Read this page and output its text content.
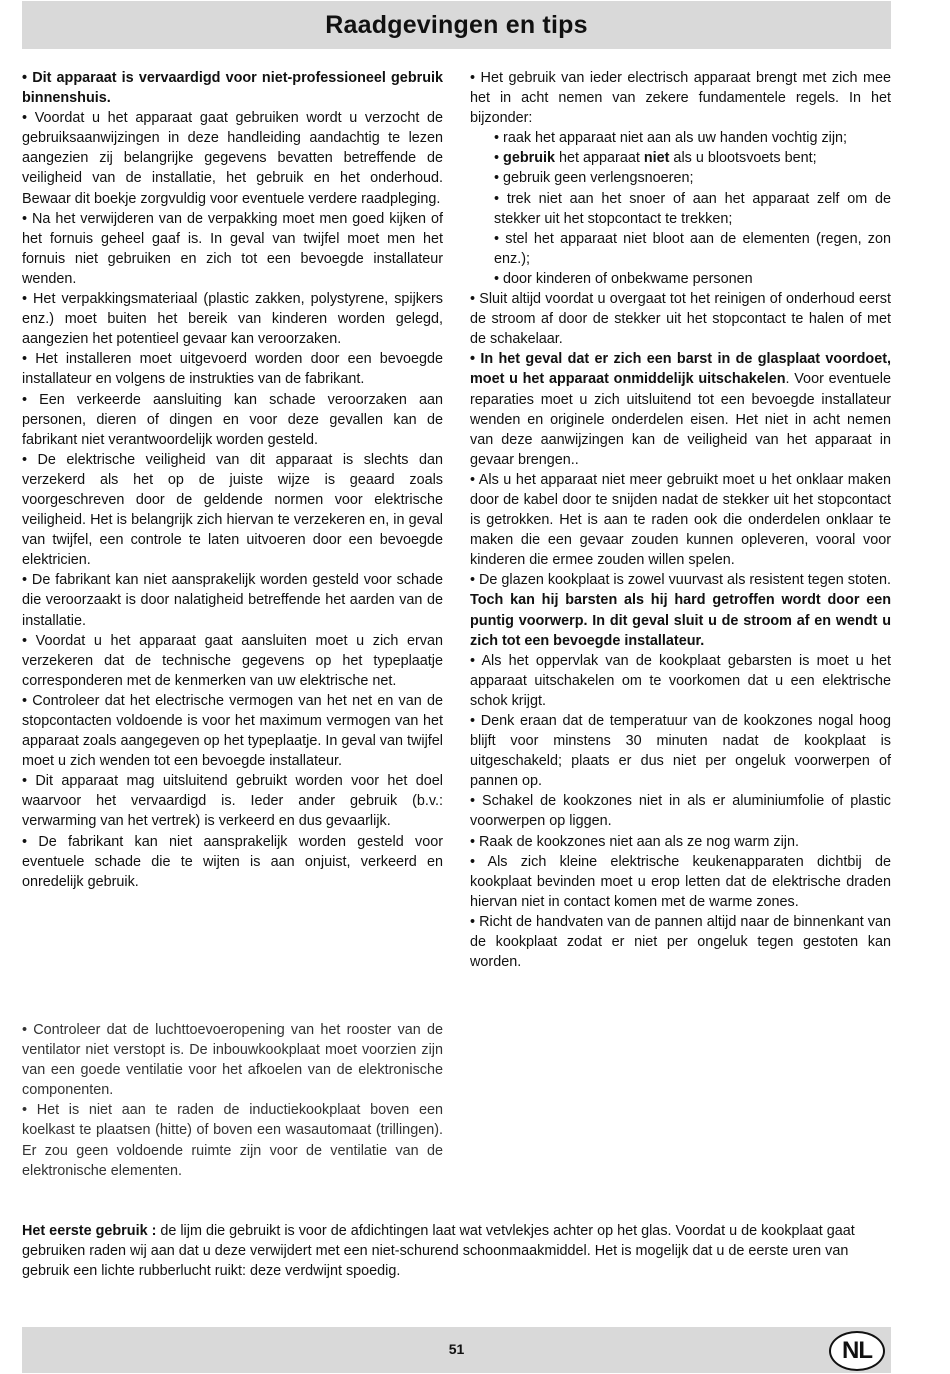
Raadgevingen en tips

• Dit apparaat is vervaardigd voor niet-professioneel gebruik binnenshuis.

• Voordat u het apparaat gaat gebruiken wordt u verzocht de gebruiksaanwijzingen in deze handleiding aandachtig te lezen aangezien zij belangrijke gegevens bevatten betreffende de veiligheid van de installatie, het gebruik en het onderhoud. Bewaar dit boekje zorgvuldig voor eventuele verdere raadpleging.

• Na het verwijderen van de verpakking moet men goed kijken of het fornuis geheel gaaf is. In geval van twijfel moet men het fornuis niet gebruiken en zich tot een bevoegde installateur wenden.

• Het verpakkingsmateriaal (plastic zakken, polystyrene, spijkers enz.) moet buiten het bereik van kinderen worden gelegd, aangezien het potentieel gevaar kan veroorzaken.

• Het installeren moet uitgevoerd worden door een bevoegde installateur en volgens de instrukties van de fabrikant.

• Een verkeerde aansluiting kan schade veroorzaken aan personen, dieren of dingen en voor deze gevallen kan de fabrikant niet verantwoordelijk worden gesteld.

• De elektrische veiligheid van dit apparaat is slechts dan verzekerd als het op de juiste wijze is geaard zoals voorgeschreven door de geldende normen voor elektrische veiligheid. Het is belangrijk zich hiervan te verzekeren en, in geval van twijfel, een controle te laten uitvoeren door een bevoegde elektricien.

• De fabrikant kan niet aansprakelijk worden gesteld voor schade die veroorzaakt is door nalatigheid betreffende het aarden van de installatie.

• Voordat u het apparaat gaat aansluiten moet u zich ervan verzekeren dat de technische gegevens op het typeplaatje corresponderen met de kenmerken van uw elektrische net.

• Controleer dat het electrische vermogen van het net en van de stopcontacten voldoende is voor het maximum vermogen van het apparaat zoals aangegeven op het typeplaatje. In geval van twijfel moet u zich wenden tot een bevoegde installateur.

• Dit apparaat mag uitsluitend gebruikt worden voor het doel waarvoor het vervaardigd is. Ieder ander gebruik (b.v.: verwarming van het vertrek) is verkeerd en dus gevaarlijk.

• De fabrikant kan niet aansprakelijk worden gesteld voor eventuele schade die te wijten is aan onjuist, verkeerd en onredelijk gebruik.

• Controleer dat de luchttoevoeropening van het rooster van de ventilator niet verstopt is. De inbouwkookplaat moet voorzien zijn van een goede ventilatie voor het afkoelen van de elektronische componenten.

• Het is niet aan te raden de inductiekookplaat boven een koelkast te plaatsen (hitte) of boven een wasautomaat (trillingen). Er zou geen voldoende ruimte zijn voor de ventilatie van de elektronische elementen.

• Het gebruik van ieder electrisch apparaat brengt met zich mee het in acht nemen van zekere fundamentele regels. In het bijzonder:

• raak het apparaat niet aan als uw handen vochtig zijn;

• gebruik het apparaat niet als u blootsvoets bent;

• gebruik geen verlengsnoeren;

• trek niet aan het snoer of aan het apparaat zelf om de stekker uit het stopcontact te trekken;

• stel het apparaat niet bloot aan de elementen (regen, zon enz.);

• door kinderen of onbekwame personen

• Sluit altijd voordat u overgaat tot het reinigen of onderhoud eerst de stroom af door de stekker uit het stopcontact te halen of met de schakelaar.

• In het geval dat er zich een barst in de glasplaat voordoet, moet u het apparaat onmiddelijk uitschakelen. Voor eventuele reparaties moet u zich uitsluitend tot een bevoegde installateur wenden en originele onderdelen eisen. Het niet in acht nemen van deze aanwijzingen kan de veiligheid van het apparaat in gevaar brengen..

• Als u het apparaat niet meer gebruikt moet u het onklaar maken door de kabel door te snijden nadat de stekker uit het stopcontact is getrokken. Het is aan te raden ook die onderdelen onklaar te maken die een gevaar zouden kunnen opleveren, vooral voor kinderen die ermee zouden willen spelen.

• De glazen kookplaat is zowel vuurvast als resistent tegen stoten. Toch kan hij barsten als hij hard getroffen wordt door een puntig voorwerp. In dit geval sluit u de stroom af en wendt u zich tot een bevoegde installateur.

• Als het oppervlak van de kookplaat gebarsten is moet u het apparaat uitschakelen om te voorkomen dat u een elektrische schok krijgt.

• Denk eraan dat de temperatuur van de kookzones nogal hoog blijft voor minstens 30 minuten nadat de kookplaat is uitgeschakeld; plaats er dus niet per ongeluk voorwerpen of pannen op.

• Schakel de kookzones niet in als er aluminiumfolie of plastic voorwerpen op liggen.

• Raak de kookzones niet aan als ze nog warm zijn.

• Als zich kleine elektrische keukenapparaten dichtbij de kookplaat bevinden moet u erop letten dat de elektrische draden hiervan niet in contact komen met de warme zones.

• Richt de handvaten van de pannen altijd naar de binnenkant van de kookplaat zodat er niet per ongeluk tegen gestoten kan worden.

Het eerste gebruik : de lijm die gebruikt is voor de afdichtingen laat wat vetvlekjes achter op het glas. Voordat u de kookplaat gaat gebruiken raden wij aan dat u deze verwijdert met een niet-schurend schoonmaakmiddel. Het is mogelijk dat u de eerste uren van gebruik een lichte rubberlucht ruikt: deze verdwijnt spoedig.
51	NL
